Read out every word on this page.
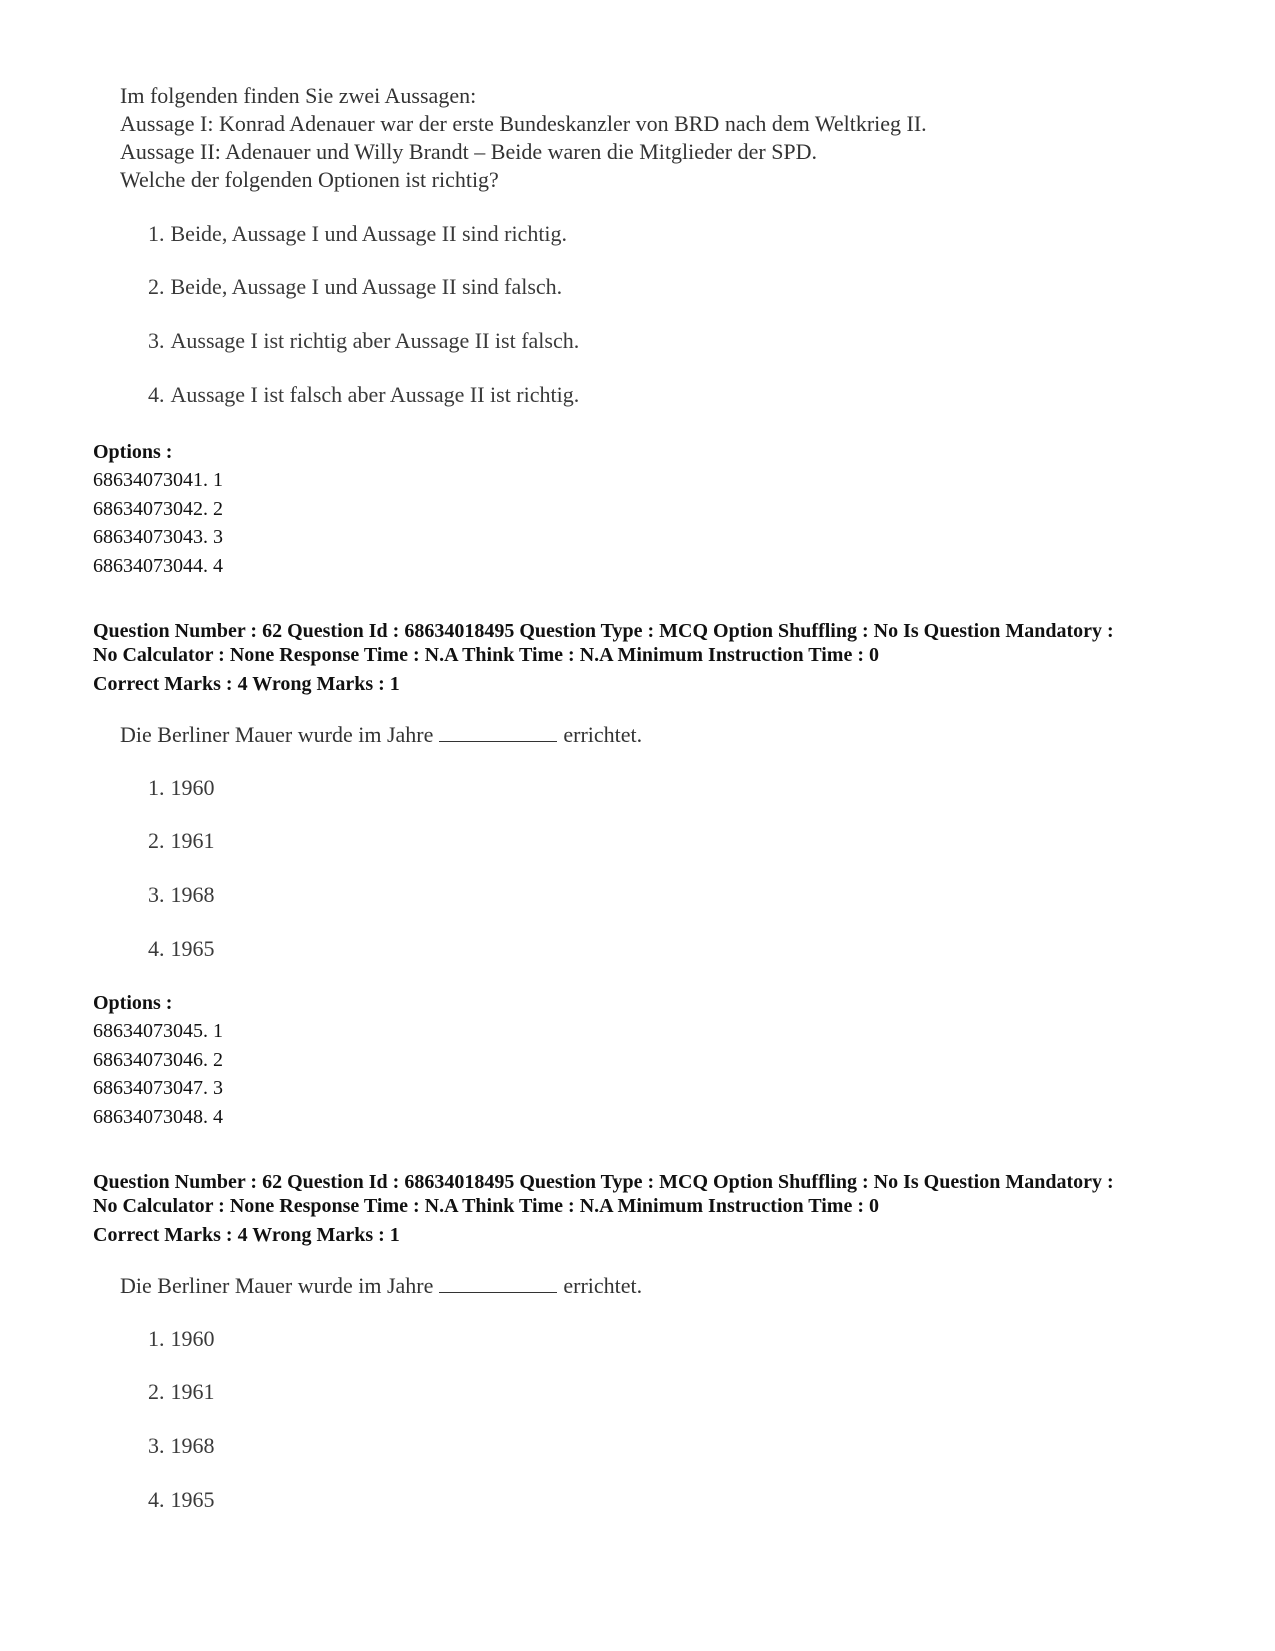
Im folgenden finden Sie zwei Aussagen:
Aussage I: Konrad Adenauer war der erste Bundeskanzler von BRD nach dem Weltkrieg II.
Aussage II: Adenauer und Willy Brandt – Beide waren die Mitglieder der SPD.
Welche der folgenden Optionen ist richtig?
1. Beide, Aussage I und Aussage II sind richtig.
2. Beide, Aussage I und Aussage II sind falsch.
3. Aussage I ist richtig aber Aussage II ist falsch.
4. Aussage I ist falsch aber Aussage II ist richtig.
Options :
68634073041. 1
68634073042. 2
68634073043. 3
68634073044. 4
Question Number : 62 Question Id : 68634018495 Question Type : MCQ Option Shuffling : No Is Question Mandatory :
No Calculator : None Response Time : N.A Think Time : N.A Minimum Instruction Time : 0
Correct Marks : 4 Wrong Marks : 1
Die Berliner Mauer wurde im Jahre	errichtet.
1. 1960
2. 1961
3. 1968
4. 1965
Options :
68634073045. 1
68634073046. 2
68634073047. 3
68634073048. 4
Question Number : 62 Question Id : 68634018495 Question Type : MCQ Option Shuffling : No Is Question Mandatory :
No Calculator : None Response Time : N.A Think Time : N.A Minimum Instruction Time : 0
Correct Marks : 4 Wrong Marks : 1
Die Berliner Mauer wurde im Jahre	errichtet.
1. 1960
2. 1961
3. 1968
4. 1965
